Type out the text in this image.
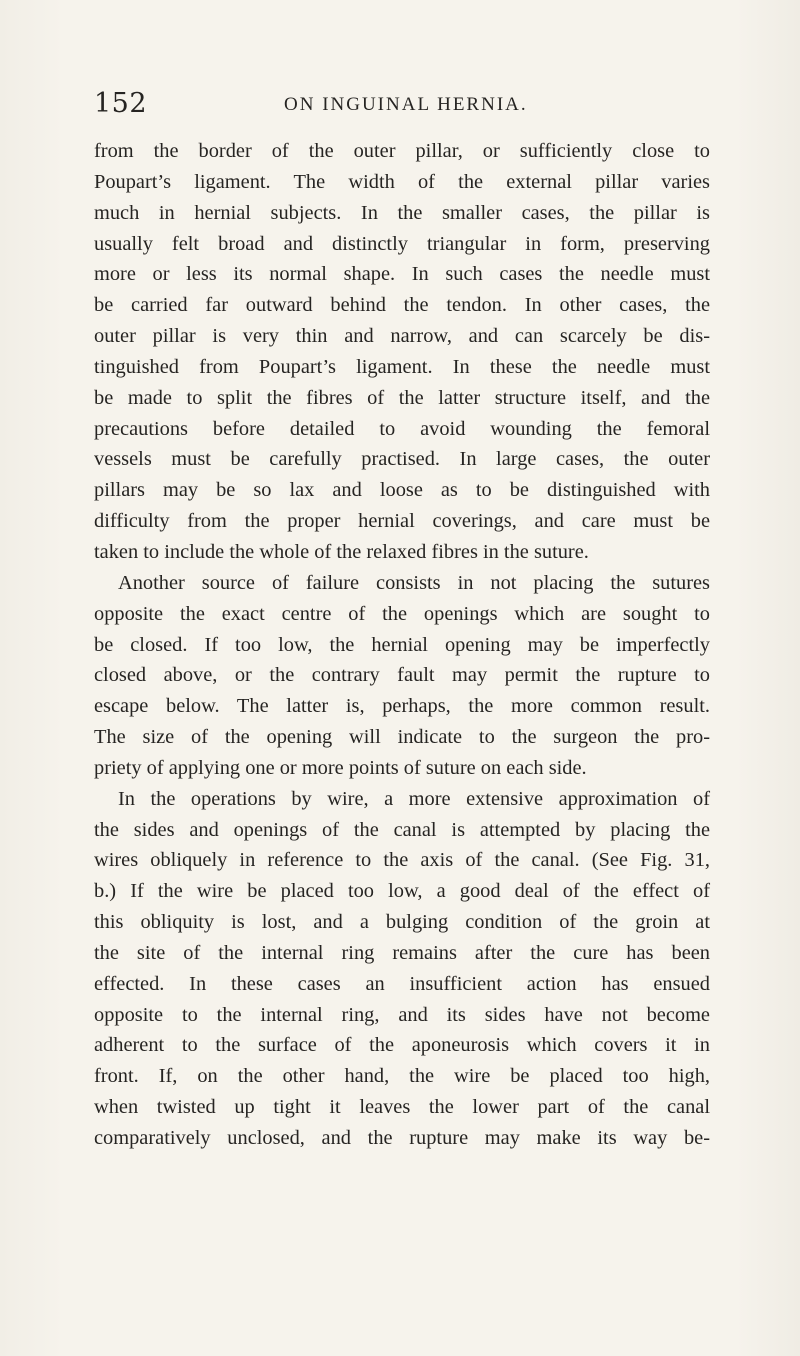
152	ON INGUINAL HERNIA.
from the border of the outer pillar, or sufficiently close to
Poupart’s ligament. The width of the external pillar varies
much in hernial subjects. In the smaller cases, the pillar is
usually felt broad and distinctly triangular in form, preserving
more or less its normal shape. In such cases the needle must
be carried far outward behind the tendon. In other cases, the
outer pillar is very thin and narrow, and can scarcely be dis-
tinguished from Poupart’s ligament. In these the needle must
be made to split the fibres of the latter structure itself, and the
precautions before detailed to avoid wounding the femoral
vessels must be carefully practised. In large cases, the outer
pillars may be so lax and loose as to be distinguished with
difficulty from the proper hernial coverings, and care must be
taken to include the whole of the relaxed fibres in the suture.
Another source of failure consists in not placing the sutures
opposite the exact centre of the openings which are sought to
be closed. If too low, the hernial opening may be imperfectly
closed above, or the contrary fault may permit the rupture to
escape below. The latter is, perhaps, the more common result.
The size of the opening will indicate to the surgeon the pro-
priety of applying one or more points of suture on each side.
In the operations by wire, a more extensive approximation of
the sides and openings of the canal is attempted by placing the
wires obliquely in reference to the axis of the canal. (See Fig. 31,
b.) If the wire be placed too low, a good deal of the effect of
this obliquity is lost, and a bulging condition of the groin at
the site of the internal ring remains after the cure has been
effected. In these cases an insufficient action has ensued
opposite to the internal ring, and its sides have not become
adherent to the surface of the aponeurosis which covers it in
front. If, on the other hand, the wire be placed too high,
when twisted up tight it leaves the lower part of the canal
comparatively unclosed, and the rupture may make its way be-
